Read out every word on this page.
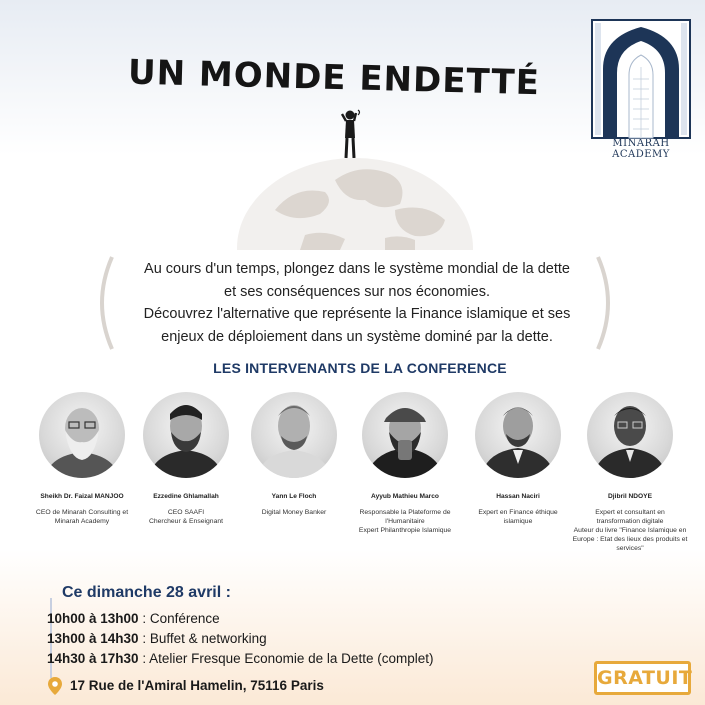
UN MONDE ENDETTÉ
MINARAH ACADEMY
Au cours d'un temps, plongez dans le système mondial de la dette
et ses conséquences sur nos économies.
Découvrez l'alternative que représente la Finance islamique et ses
enjeux de déploiement dans un système dominé par la dette.
LES INTERVENANTS DE LA CONFERENCE
Sheikh Dr. Faizal MANJOO
CEO de Minarah Consulting et
Minarah Academy
Ezzedine Ghlamallah
CEO SAAFI
Chercheur & Enseignant
Yann Le Floch
Digital Money Banker
Ayyub Mathieu Marco
Responsable la Plateforme de
l'Humanitaire
Expert Philanthropie Islamique
Hassan Naciri
Expert en Finance éthique
islamique
Djibril NDOYE
Expert et consultant en
transformation digitale
Auteur du livre "Finance Islamique en
Europe : Etat des lieux des produits et
services"
Ce dimanche 28 avril :
10h00 à 13h00 : Conférence
13h00 à 14h30 : Buffet & networking
14h30 à 17h30 : Atelier Fresque Economie de la Dette (complet)
17 Rue de l'Amiral Hamelin, 75116 Paris	GRATUIT
